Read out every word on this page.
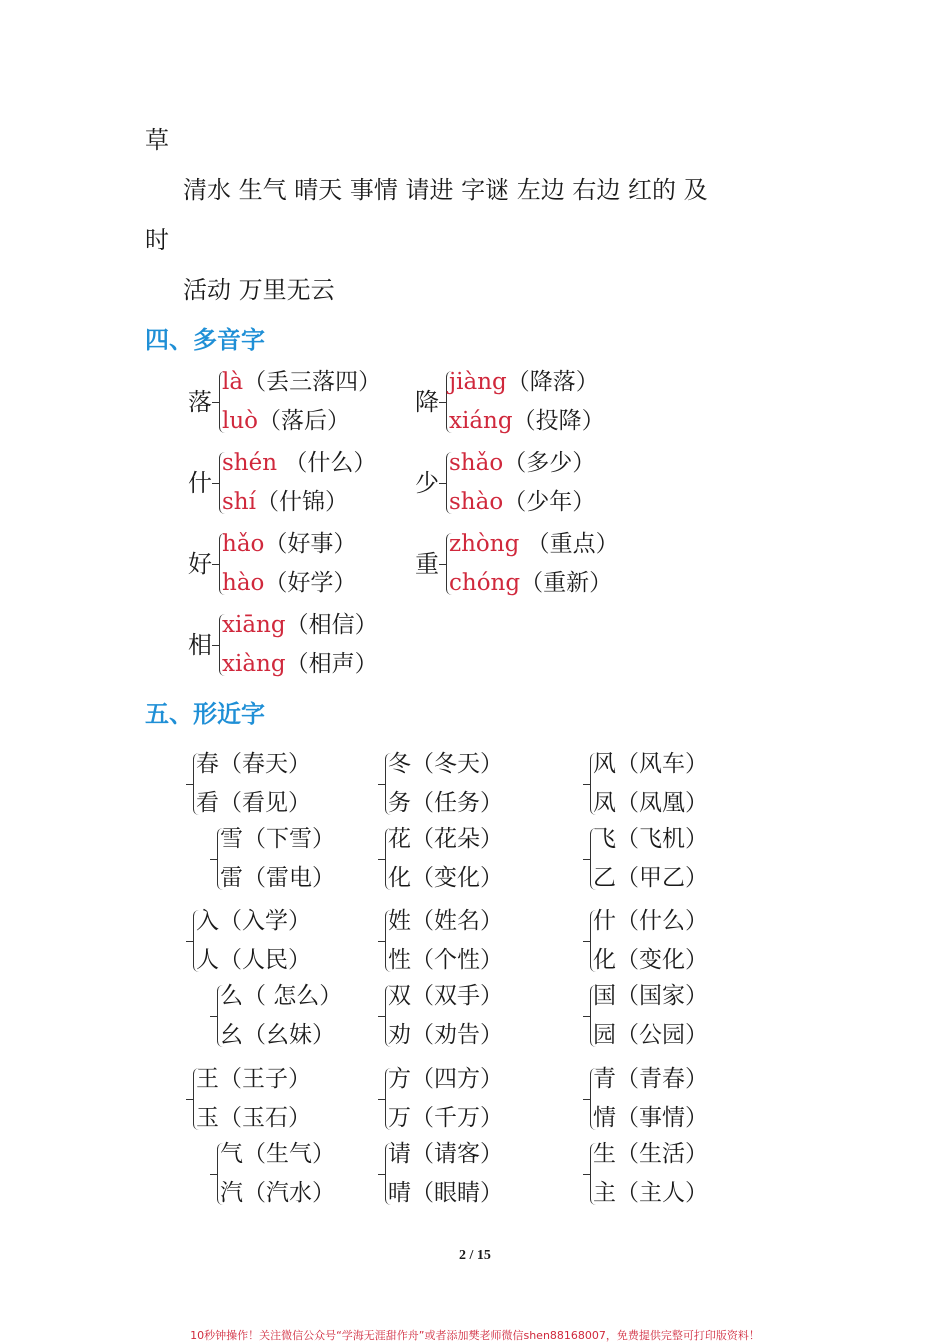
草
清水 生气 晴天 事情 请进 字谜 左边 右边 红的 及
时
活动 万里无云
四、多音字
落
là（丢三落四）
luò（落后）
降
jiàng（降落）
xiáng（投降）
什
shén （什么）
shí（什锦）
少
shǎo（多少）
shào（少年）
好
hǎo（好事）
hào（好学）
重
zhòng （重点）
chóng（重新）
相
xiāng（相信）
xiàng（相声）
五、形近字
春（春天）
看（看见）
冬（冬天）
务（任务）
风（风车）
凤（凤凰）
雪（下雪）
雷（雷电）
花（花朵）
化（变化）
飞（飞机）
乙（甲乙）
入（入学）
人（人民）
姓（姓名）
性（个性）
什（什么）
化（变化）
么（ 怎么）
幺（幺妹）
双（双手）
劝（劝告）
国（国家）
园（公园）
王（王子）
玉（玉石）
方（四方）
万（千万）
青（青春）
情（事情）
气（生气）
汽（汽水）
请（请客）
晴（眼睛）
生（生活）
主（主人）
2 / 15
10秒钟操作！关注微信公众号“学海无涯甜作舟”或者添加樊老师微信shen88168007，免费提供完整可打印版资料！
